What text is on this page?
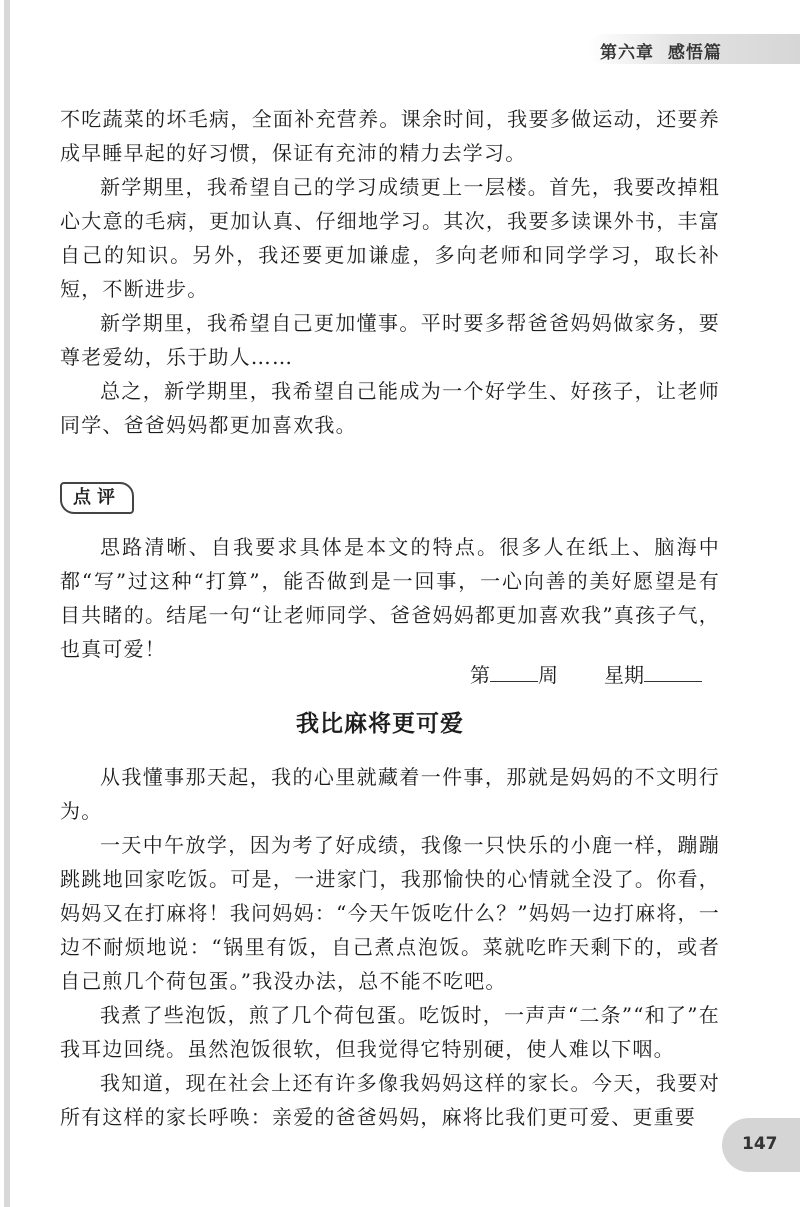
第六章 感悟篇

不吃蔬菜的坏毛病，全面补充营养。课余时间，我要多做运动，还要养成早睡早起的好习惯，保证有充沛的精力去学习。

新学期里，我希望自己的学习成绩更上一层楼。首先，我要改掉粗心大意的毛病，更加认真、仔细地学习。其次，我要多读课外书，丰富自己的知识。另外，我还要更加谦虚，多向老师和同学学习，取长补短，不断进步。

新学期里，我希望自己更加懂事。平时要多帮爸爸妈妈做家务，要尊老爱幼，乐于助人……

总之，新学期里，我希望自己能成为一个好学生、好孩子，让老师同学、爸爸妈妈都更加喜欢我。

点评

思路清晰、自我要求具体是本文的特点。很多人在纸上、脑海中都“写”过这种“打算”，能否做到是一回事，一心向善的美好愿望是有目共睹的。结尾一句“让老师同学、爸爸妈妈都更加喜欢我”真孩子气，也真可爱！

第 周 星期
我比麻将更可爱

从我懂事那天起，我的心里就藏着一件事，那就是妈妈的不文明行为。

一天中午放学，因为考了好成绩，我像一只快乐的小鹿一样，蹦蹦跳跳地回家吃饭。可是，一进家门，我那愉快的心情就全没了。你看，妈妈又在打麻将！我问妈妈：“今天午饭吃什么？”妈妈一边打麻将，一边不耐烦地说：“锅里有饭，自己煮点泡饭。菜就吃昨天剩下的，或者自己煎几个荷包蛋。”我没办法，总不能不吃吧。

我煮了些泡饭，煎了几个荷包蛋。吃饭时，一声声“二条”“和了”在我耳边回绕。虽然泡饭很软，但我觉得它特别硬，使人难以下咽。

我知道，现在社会上还有许多像我妈妈这样的家长。今天，我要对所有这样的家长呼唤：亲爱的爸爸妈妈，麻将比我们更可爱、更重要

147
